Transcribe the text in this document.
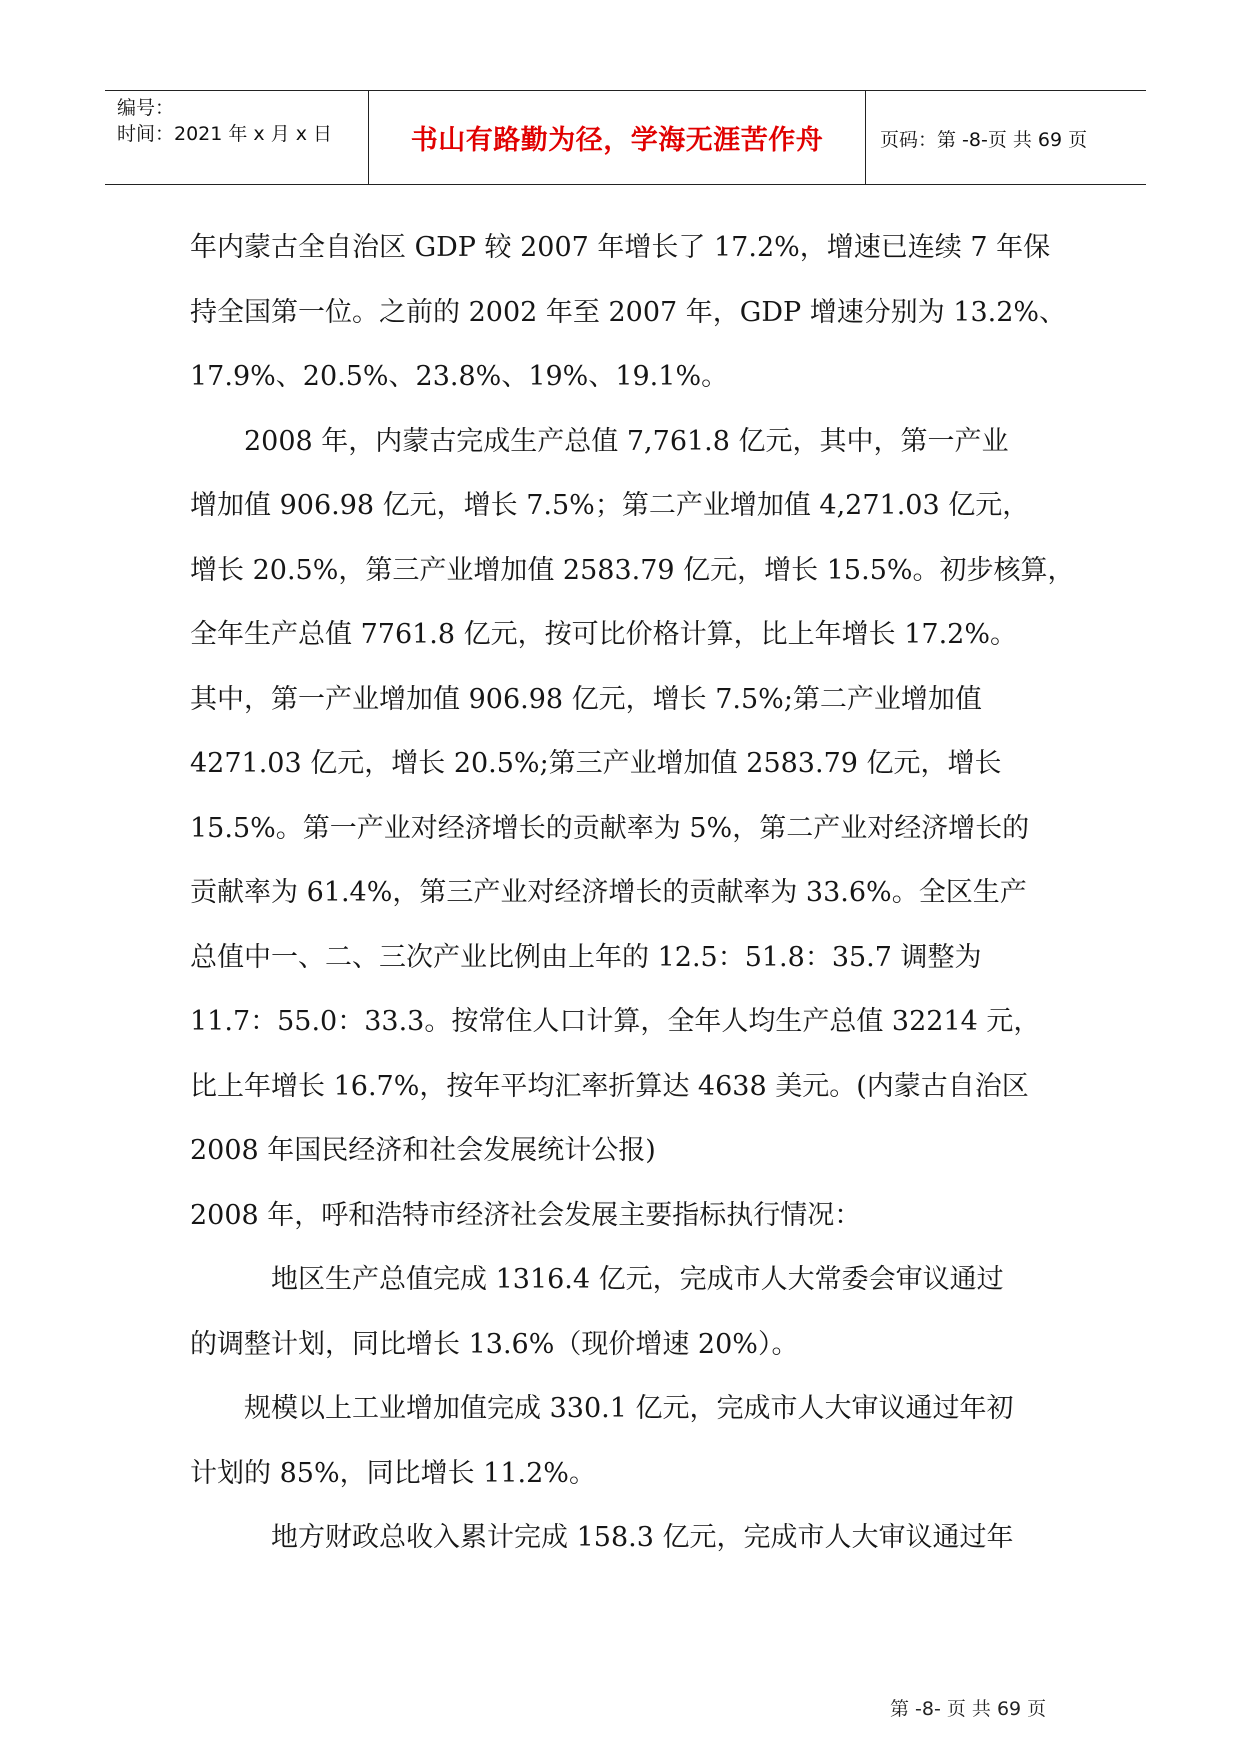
编号：
时间：2021 年 x 月 x 日	书山有路勤为径，学海无涯苦作舟	页码：第 -8-页 共 69 页
年内蒙古全自治区 GDP 较 2007 年增长了 17.2%，增速已连续 7 年保
持全国第一位。之前的 2002 年至 2007 年，GDP 增速分别为 13.2%、
17.9%、20.5%、23.8%、19%、19.1%。
　　2008 年，内蒙古完成生产总值 7,761.8 亿元，其中，第一产业
增加值 906.98 亿元，增长 7.5%；第二产业增加值 4,271.03 亿元，
增长 20.5%，第三产业增加值 2583.79 亿元，增长 15.5%。初步核算，
全年生产总值 7761.8 亿元，按可比价格计算，比上年增长 17.2%。
其中，第一产业增加值 906.98 亿元，增长 7.5%;第二产业增加值
4271.03 亿元，增长 20.5%;第三产业增加值 2583.79 亿元，增长
15.5%。第一产业对经济增长的贡献率为 5%，第二产业对经济增长的
贡献率为 61.4%，第三产业对经济增长的贡献率为 33.6%。全区生产
总值中一、二、三次产业比例由上年的 12.5：51.8：35.7 调整为
11.7：55.0：33.3。按常住人口计算，全年人均生产总值 32214 元，
比上年增长 16.7%，按年平均汇率折算达 4638 美元。(内蒙古自治区
2008 年国民经济和社会发展统计公报)
2008 年，呼和浩特市经济社会发展主要指标执行情况：
　　　地区生产总值完成 1316.4 亿元，完成市人大常委会审议通过
的调整计划，同比增长 13.6%（现价增速 20%）。
　　规模以上工业增加值完成 330.1 亿元，完成市人大审议通过年初
计划的 85%，同比增长 11.2%。
　　　地方财政总收入累计完成 158.3 亿元，完成市人大审议通过年
第 -8- 页 共 69 页
